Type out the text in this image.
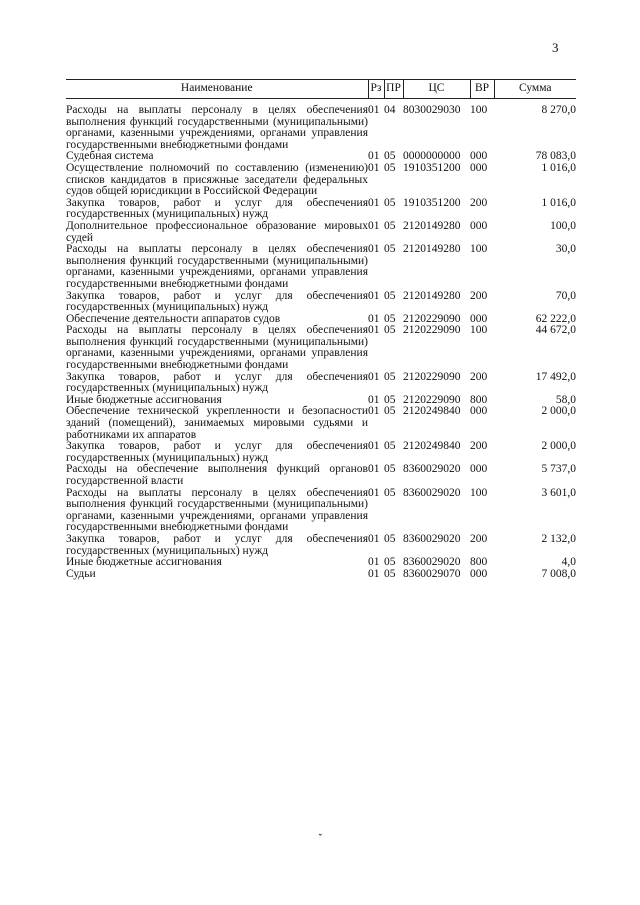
3
Наименование	Рз	ПР	ЦС	ВР	Сумма

Расходы на выплаты персоналу в целях обеспечения выполнения функций государственными (муниципальными) органами, казенными учреждениями, органами управления государственными внебюджетными фондами	01	04	8030029030	100	8 270,0
Судебная система	01	05	0000000000	000	78 083,0
Осуществление полномочий по составлению (изменению) списков кандидатов в присяжные заседатели федеральных судов общей юрисдикции в Российской Федерации	01	05	1910351200	000	1 016,0
Закупка товаров, работ и услуг для обеспечения государственных (муниципальных) нужд	01	05	1910351200	200	1 016,0
Дополнительное профессиональное образование мировых судей	01	05	2120149280	000	100,0
Расходы на выплаты персоналу в целях обеспечения выполнения функций государственными (муниципальными) органами, казенными учреждениями, органами управления государственными внебюджетными фондами	01	05	2120149280	100	30,0
Закупка товаров, работ и услуг для обеспечения государственных (муниципальных) нужд	01	05	2120149280	200	70,0
Обеспечение деятельности аппаратов судов	01	05	2120229090	000	62 222,0
Расходы на выплаты персоналу в целях обеспечения выполнения функций государственными (муниципальными) органами, казенными учреждениями, органами управления государственными внебюджетными фондами	01	05	2120229090	100	44 672,0
Закупка товаров, работ и услуг для обеспечения государственных (муниципальных) нужд	01	05	2120229090	200	17 492,0
Иные бюджетные ассигнования	01	05	2120229090	800	58,0
Обеспечение технической укрепленности и безопасности зданий (помещений), занимаемых мировыми судьями и работниками их аппаратов	01	05	2120249840	000	2 000,0
Закупка товаров, работ и услуг для обеспечения государственных (муниципальных) нужд	01	05	2120249840	200	2 000,0
Расходы на обеспечение выполнения функций органов государственной власти	01	05	8360029020	000	5 737,0
Расходы на выплаты персоналу в целях обеспечения выполнения функций государственными (муниципальными) органами, казенными учреждениями, органами управления государственными внебюджетными фондами	01	05	8360029020	100	3 601,0
Закупка товаров, работ и услуг для обеспечения государственных (муниципальных) нужд	01	05	8360029020	200	2 132,0
Иные бюджетные ассигнования	01	05	8360029020	800	4,0
Судьи	01	05	8360029070	000	7 008,0
˯
